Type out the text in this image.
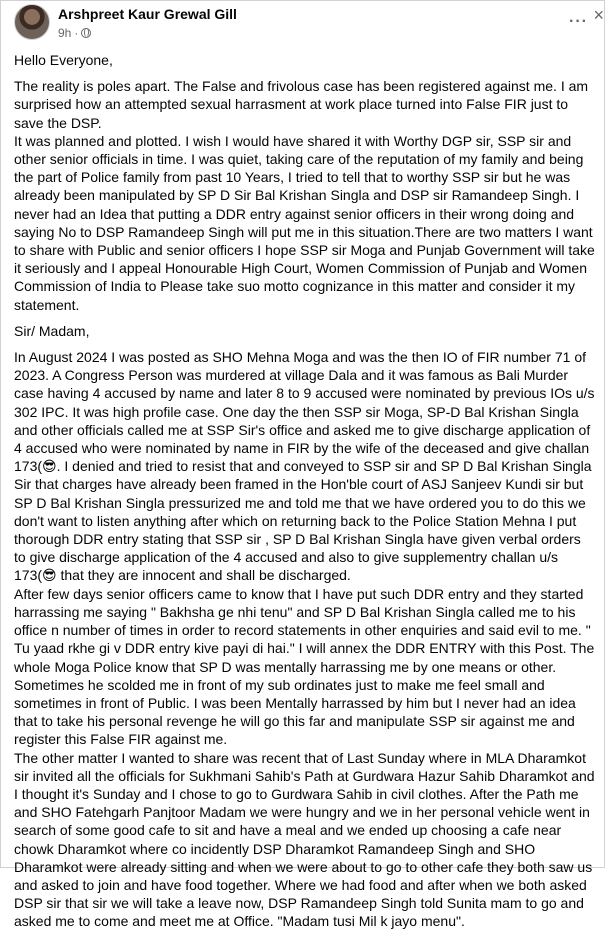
Arshpreet Kaur Grewal Gill
9h ·
··· ×

Hello Everyone,

The reality is poles apart. The False and frivolous case has been registered against me. I am surprised how an attempted sexual harrasment at work place turned into False FIR just to save the DSP.

It was planned and plotted. I wish I would have shared it with Worthy DGP sir, SSP sir and other senior officials in time. I was quiet, taking care of the reputation of my family and being the part of Police family from past 10 Years, I tried to tell that to worthy SSP sir but he was already been manipulated by SP D Sir Bal Krishan Singla and DSP sir Ramandeep Singh. I never had an Idea that putting a DDR entry against senior officers in their wrong doing and saying No to DSP Ramandeep Singh will put me in this situation.There are two matters I want to share with Public and senior officers I hope SSP sir Moga and Punjab Government will take it seriously and I appeal Honourable High Court, Women Commission of Punjab and Women Commission of India to Please take suo motto cognizance in this matter and consider it my statement.

Sir/ Madam,

In August 2024 I was posted as SHO Mehna Moga and was the then IO of FIR number 71 of 2023. A Congress Person was murdered at village Dala and it was famous as Bali Murder case having 4 accused by name and later 8 to 9 accused were nominated by previous IOs u/s 302 IPC. It was high profile case. One day the then SSP sir Moga, SP-D Bal Krishan Singla and other officials called me at SSP Sir's office and asked me to give discharge application of 4 accused who were nominated by name in FIR by the wife of the deceased and give challan 173(😎. I denied and tried to resist that and conveyed to SSP sir and SP D Bal Krishan Singla Sir that charges have already been framed in the Hon'ble court of ASJ Sanjeev Kundi sir but SP D Bal Krishan Singla pressurized me and told me that we have ordered you to do this we don't want to listen anything after which on returning back to the Police Station Mehna I put thorough DDR entry stating that SSP sir , SP D Bal Krishan Singla have given verbal orders to give discharge application of the 4 accused and also to give supplementry challan u/s 173(😎 that they are innocent and shall be discharged.

After few days senior officers came to know that I have put such DDR entry and they started harrassing me saying " Bakhsha ge nhi tenu" and SP D Bal Krishan Singla called me to his office n number of times in order to record statements in other enquiries and said evil to me. " Tu yaad rkhe gi v DDR entry kive payi di hai." I will annex the DDR ENTRY with this Post. The whole Moga Police know that SP D was mentally harrassing me by one means or other. Sometimes he scolded me in front of my sub ordinates just to make me feel small and sometimes in front of Public. I was been Mentally harrassed by him but I never had an idea that to take his personal revenge he will go this far and manipulate SSP sir against me and register this False FIR against me.

The other matter I wanted to share was recent that of Last Sunday where in MLA Dharamkot sir invited all the officials for Sukhmani Sahib's Path at Gurdwara Hazur Sahib Dharamkot and I thought it's Sunday and I chose to go to Gurdwara Sahib in civil clothes. After the Path me and SHO Fatehgarh Panjtoor Madam we were hungry and we in her personal vehicle went in search of some good cafe to sit and have a meal and we ended up choosing a cafe near chowk Dharamkot where co incidently DSP Dharamkot Ramandeep Singh and SHO Dharamkot were already sitting and when we were about to go to other cafe they both saw us and asked to join and have food together. Where we had food and after when we both asked DSP sir that sir we will take a leave now, DSP Ramandeep Singh told Sunita mam to go and asked me to come and meet me at Office. "Madam tusi Mil k jayo menu".
